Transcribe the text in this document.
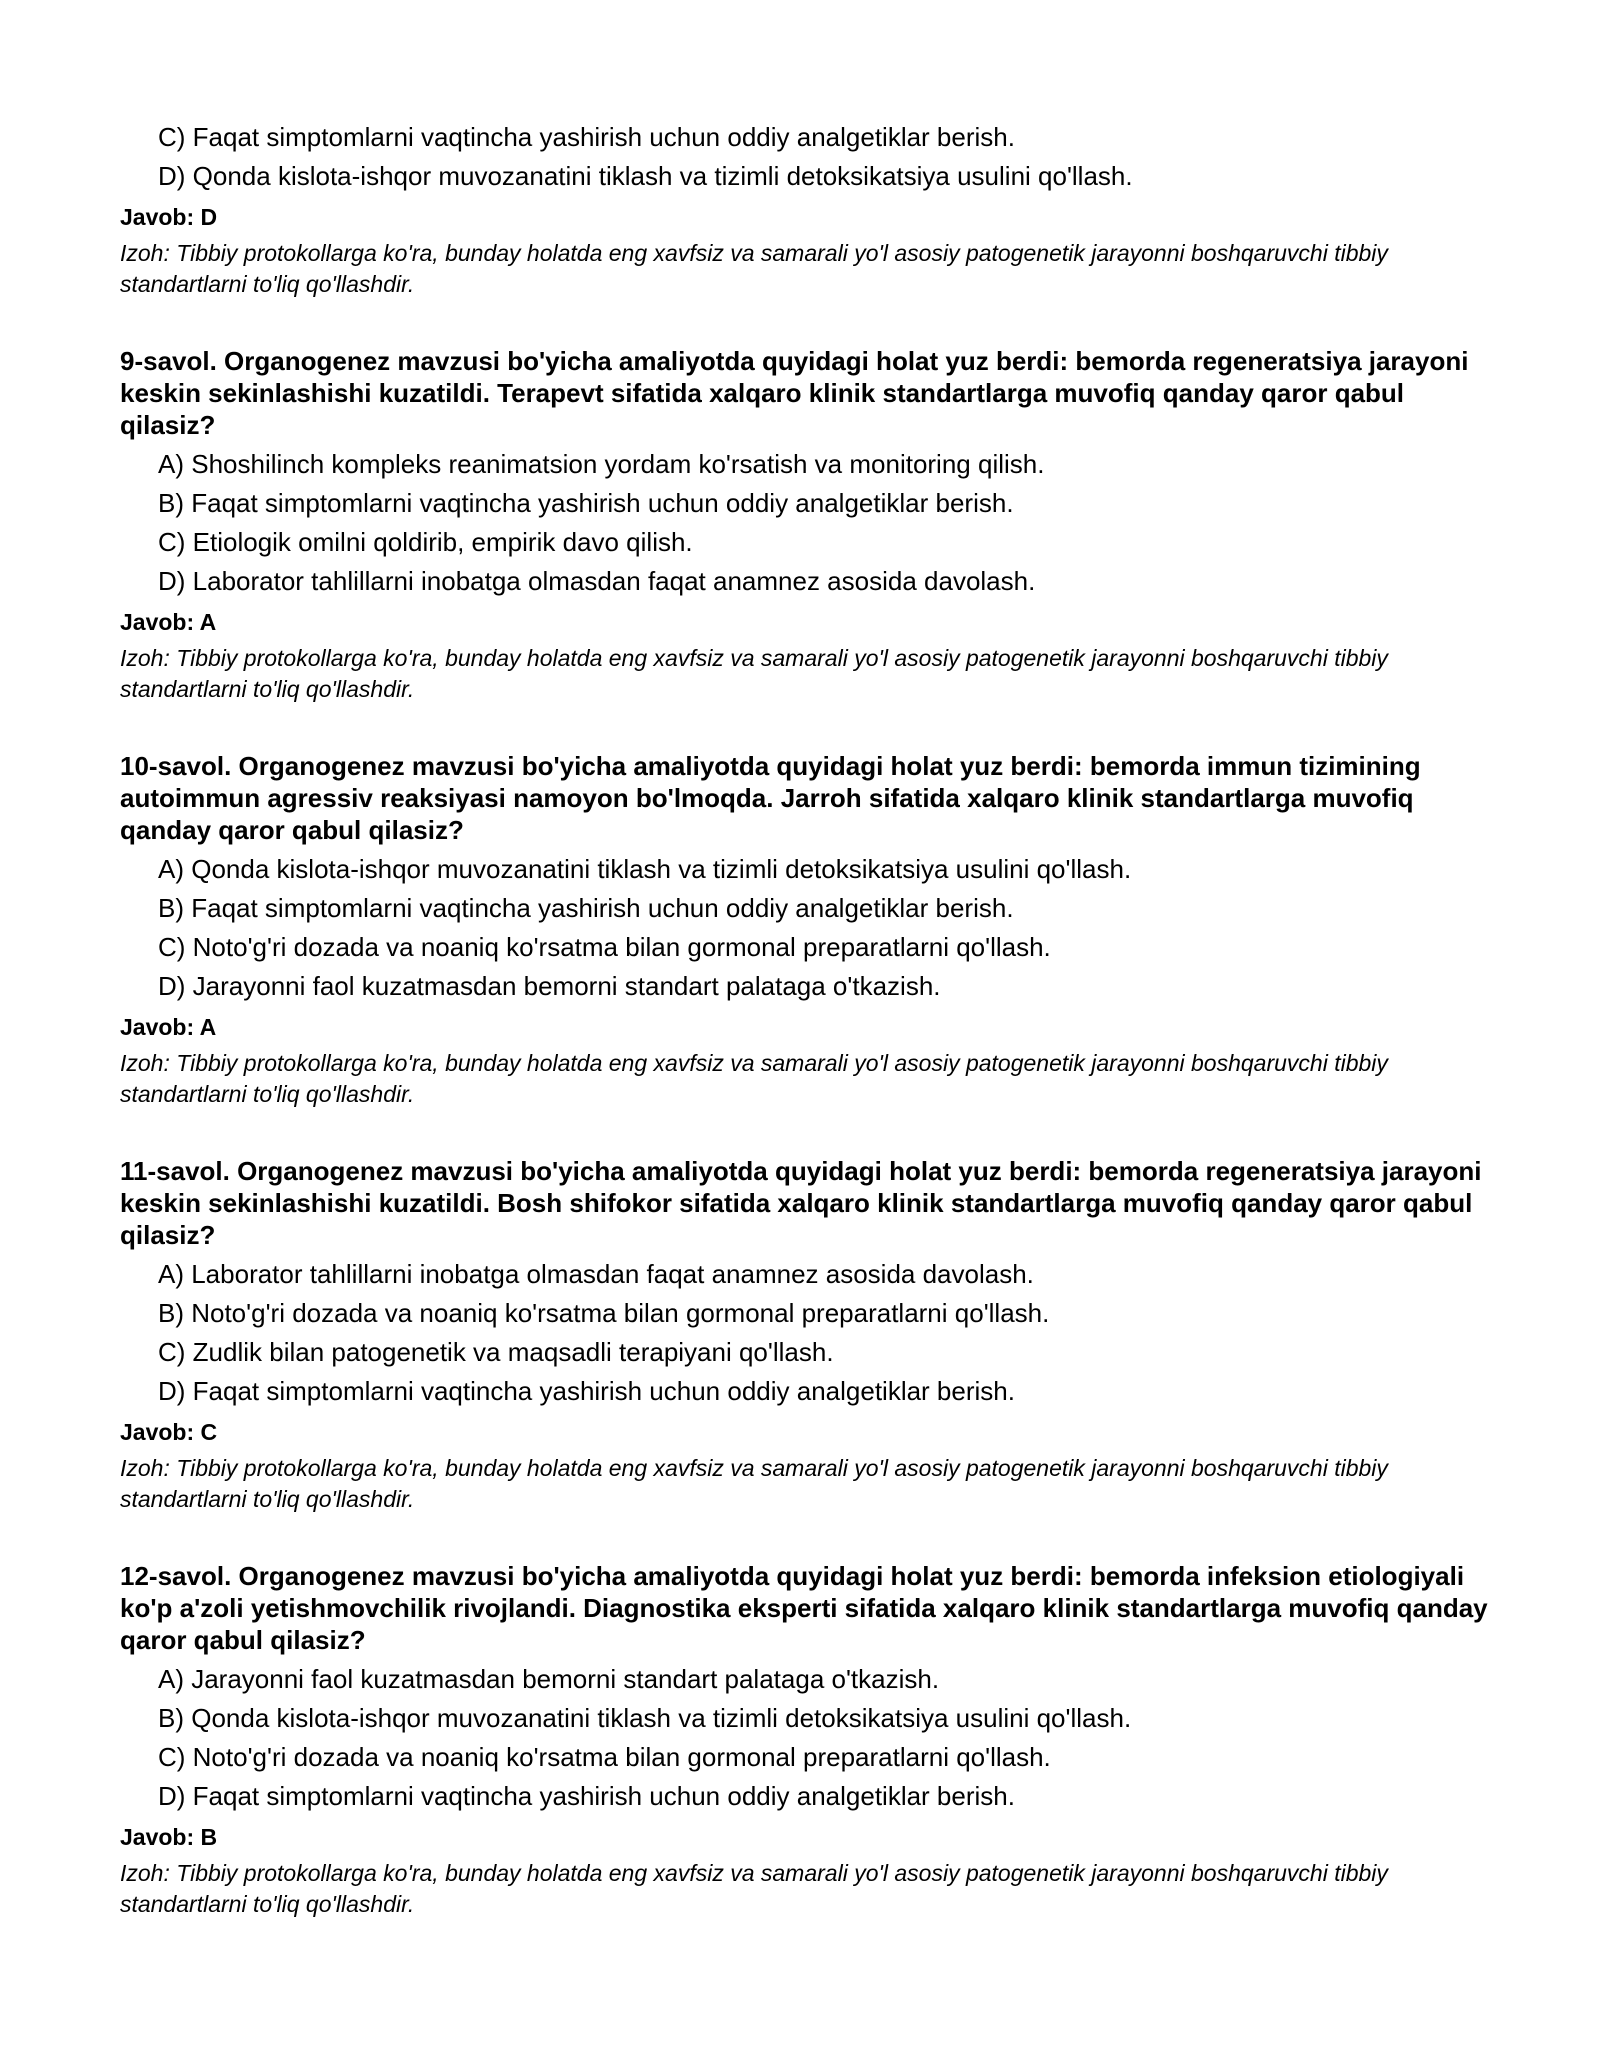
C) Faqat simptomlarni vaqtincha yashirish uchun oddiy analgetiklar berish.
D) Qonda kislota-ishqor muvozanatini tiklash va tizimli detoksikatsiya usulini qo'llash.
Javob: D
Izoh: Tibbiy protokollarga ko'ra, bunday holatda eng xavfsiz va samarali yo'l asosiy patogenetik jarayonni boshqaruvchi tibbiy standartlarni to'liq qo'llashdir.
9-savol. Organogenez mavzusi bo'yicha amaliyotda quyidagi holat yuz berdi: bemorda regeneratsiya jarayoni keskin sekinlashishi kuzatildi. Terapevt sifatida xalqaro klinik standartlarga muvofiq qanday qaror qabul qilasiz?
A) Shoshilinch kompleks reanimatsion yordam ko'rsatish va monitoring qilish.
B) Faqat simptomlarni vaqtincha yashirish uchun oddiy analgetiklar berish.
C) Etiologik omilni qoldirib, empirik davo qilish.
D) Laborator tahlillarni inobatga olmasdan faqat anamnez asosida davolash.
Javob: A
Izoh: Tibbiy protokollarga ko'ra, bunday holatda eng xavfsiz va samarali yo'l asosiy patogenetik jarayonni boshqaruvchi tibbiy standartlarni to'liq qo'llashdir.
10-savol. Organogenez mavzusi bo'yicha amaliyotda quyidagi holat yuz berdi: bemorda immun tizimining autoimmun agressiv reaksiyasi namoyon bo'lmoqda. Jarroh sifatida xalqaro klinik standartlarga muvofiq qanday qaror qabul qilasiz?
A) Qonda kislota-ishqor muvozanatini tiklash va tizimli detoksikatsiya usulini qo'llash.
B) Faqat simptomlarni vaqtincha yashirish uchun oddiy analgetiklar berish.
C) Noto'g'ri dozada va noaniq ko'rsatma bilan gormonal preparatlarni qo'llash.
D) Jarayonni faol kuzatmasdan bemorni standart palataga o'tkazish.
Javob: A
Izoh: Tibbiy protokollarga ko'ra, bunday holatda eng xavfsiz va samarali yo'l asosiy patogenetik jarayonni boshqaruvchi tibbiy standartlarni to'liq qo'llashdir.
11-savol. Organogenez mavzusi bo'yicha amaliyotda quyidagi holat yuz berdi: bemorda regeneratsiya jarayoni keskin sekinlashishi kuzatildi. Bosh shifokor sifatida xalqaro klinik standartlarga muvofiq qanday qaror qabul qilasiz?
A) Laborator tahlillarni inobatga olmasdan faqat anamnez asosida davolash.
B) Noto'g'ri dozada va noaniq ko'rsatma bilan gormonal preparatlarni qo'llash.
C) Zudlik bilan patogenetik va maqsadli terapiyani qo'llash.
D) Faqat simptomlarni vaqtincha yashirish uchun oddiy analgetiklar berish.
Javob: C
Izoh: Tibbiy protokollarga ko'ra, bunday holatda eng xavfsiz va samarali yo'l asosiy patogenetik jarayonni boshqaruvchi tibbiy standartlarni to'liq qo'llashdir.
12-savol. Organogenez mavzusi bo'yicha amaliyotda quyidagi holat yuz berdi: bemorda infeksion etiologiyali ko'p a'zoli yetishmovchilik rivojlandi. Diagnostika eksperti sifatida xalqaro klinik standartlarga muvofiq qanday qaror qabul qilasiz?
A) Jarayonni faol kuzatmasdan bemorni standart palataga o'tkazish.
B) Qonda kislota-ishqor muvozanatini tiklash va tizimli detoksikatsiya usulini qo'llash.
C) Noto'g'ri dozada va noaniq ko'rsatma bilan gormonal preparatlarni qo'llash.
D) Faqat simptomlarni vaqtincha yashirish uchun oddiy analgetiklar berish.
Javob: B
Izoh: Tibbiy protokollarga ko'ra, bunday holatda eng xavfsiz va samarali yo'l asosiy patogenetik jarayonni boshqaruvchi tibbiy standartlarni to'liq qo'llashdir.
